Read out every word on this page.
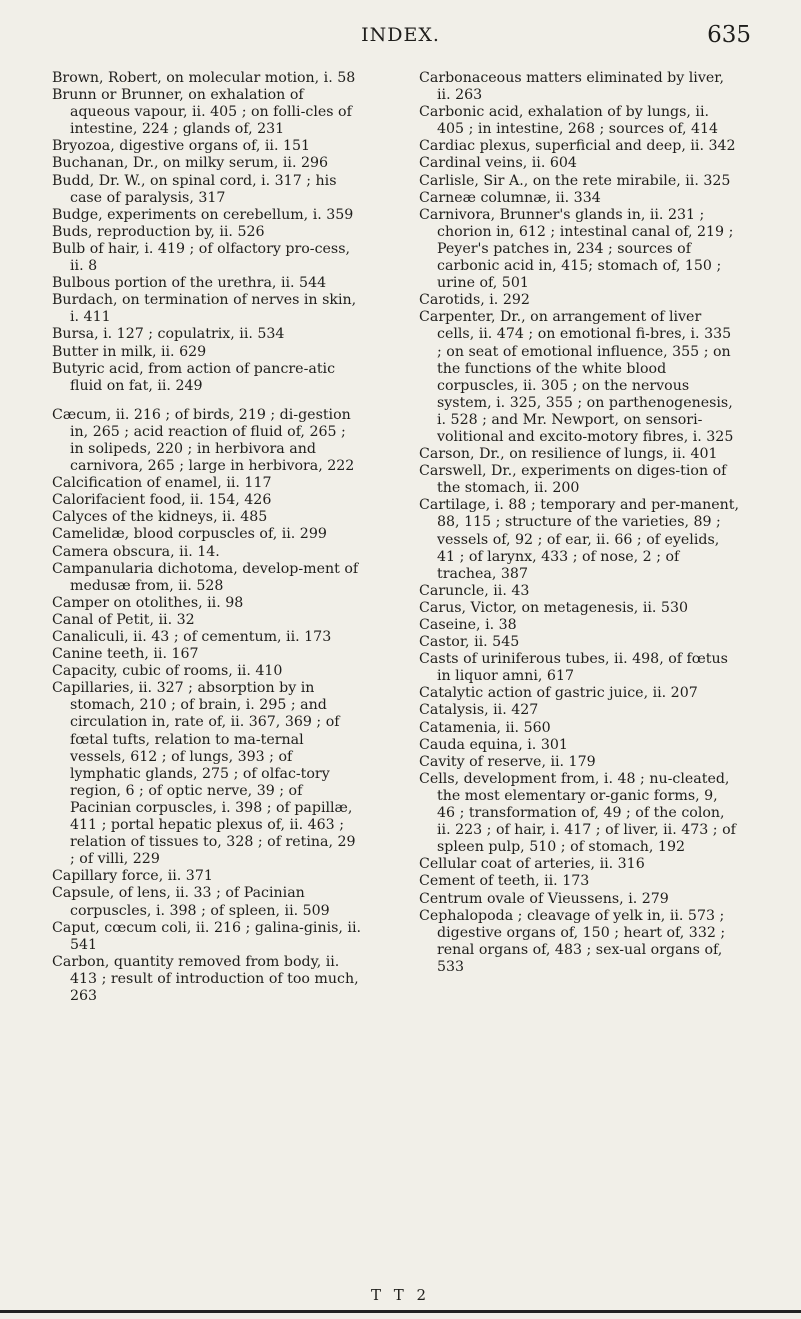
INDEX.	635

Brown, Robert, on molecular motion, i. 58

Brunn or Brunner, on exhalation of aqueous vapour, ii. 405 ; on folli-cles of intestine, 224 ; glands of, 231

Bryozoa, digestive organs of, ii. 151

Buchanan, Dr., on milky serum, ii. 296

Budd, Dr. W., on spinal cord, i. 317 ; his case of paralysis, 317

Budge, experiments on cerebellum, i. 359

Buds, reproduction by, ii. 526

Bulb of hair, i. 419 ; of olfactory pro-cess, ii. 8

Bulbous portion of the urethra, ii. 544

Burdach, on termination of nerves in skin, i. 411

Bursa, i. 127 ; copulatrix, ii. 534

Butter in milk, ii. 629

Butyric acid, from action of pancre-atic fluid on fat, ii. 249

Cæcum, ii. 216 ; of birds, 219 ; di-gestion in, 265 ; acid reaction of fluid of, 265 ; in solipeds, 220 ; in herbivora and carnivora, 265 ; large in herbivora, 222

Calcification of enamel, ii. 117

Calorifacient food, ii. 154, 426

Calyces of the kidneys, ii. 485

Camelidæ, blood corpuscles of, ii. 299

Camera obscura, ii. 14.

Campanularia dichotoma, develop-ment of medusæ from, ii. 528

Camper on otolithes, ii. 98

Canal of Petit, ii. 32

Canaliculi, ii. 43 ; of cementum, ii. 173

Canine teeth, ii. 167

Capacity, cubic of rooms, ii. 410

Capillaries, ii. 327 ; absorption by in stomach, 210 ; of brain, i. 295 ; and circulation in, rate of, ii. 367, 369 ; of fœtal tufts, relation to ma-ternal vessels, 612 ; of lungs, 393 ; of lymphatic glands, 275 ; of olfac-tory region, 6 ; of optic nerve, 39 ; of Pacinian corpuscles, i. 398 ; of papillæ, 411 ; portal hepatic plexus of, ii. 463 ; relation of tissues to, 328 ; of retina, 29 ; of villi, 229

Capillary force, ii. 371

Capsule, of lens, ii. 33 ; of Pacinian corpuscles, i. 398 ; of spleen, ii. 509

Caput, cœcum coli, ii. 216 ; galina-ginis, ii. 541

Carbon, quantity removed from body, ii. 413 ; result of introduction of too much, 263

Carbonaceous matters eliminated by liver, ii. 263

Carbonic acid, exhalation of by lungs, ii. 405 ; in intestine, 268 ; sources of, 414

Cardiac plexus, superficial and deep, ii. 342

Cardinal veins, ii. 604

Carlisle, Sir A., on the rete mirabile, ii. 325

Carneæ columnæ, ii. 334

Carnivora, Brunner's glands in, ii. 231 ; chorion in, 612 ; intestinal canal of, 219 ; Peyer's patches in, 234 ; sources of carbonic acid in, 415; stomach of, 150 ; urine of, 501

Carotids, i. 292

Carpenter, Dr., on arrangement of liver cells, ii. 474 ; on emotional fi-bres, i. 335 ; on seat of emotional influence, 355 ; on the functions of the white blood corpuscles, ii. 305 ; on the nervous system, i. 325, 355 ; on parthenogenesis, i. 528 ; and Mr. Newport, on sensori-volitional and excito-motory fibres, i. 325

Carson, Dr., on resilience of lungs, ii. 401

Carswell, Dr., experiments on diges-tion of the stomach, ii. 200

Cartilage, i. 88 ; temporary and per-manent, 88, 115 ; structure of the varieties, 89 ; vessels of, 92 ; of ear, ii. 66 ; of eyelids, 41 ; of larynx, 433 ; of nose, 2 ; of trachea, 387

Caruncle, ii. 43

Carus, Victor, on metagenesis, ii. 530

Caseine, i. 38

Castor, ii. 545

Casts of uriniferous tubes, ii. 498, of fœtus in liquor amni, 617

Catalytic action of gastric juice, ii. 207

Catalysis, ii. 427

Catamenia, ii. 560

Cauda equina, i. 301

Cavity of reserve, ii. 179

Cells, development from, i. 48 ; nu-cleated, the most elementary or-ganic forms, 9, 46 ; transformation of, 49 ; of the colon, ii. 223 ; of hair, i. 417 ; of liver, ii. 473 ; of spleen pulp, 510 ; of stomach, 192

Cellular coat of arteries, ii. 316

Cement of teeth, ii. 173

Centrum ovale of Vieussens, i. 279

Cephalopoda ; cleavage of yelk in, ii. 573 ; digestive organs of, 150 ; heart of, 332 ; renal organs of, 483 ; sex-ual organs of, 533

T T 2
